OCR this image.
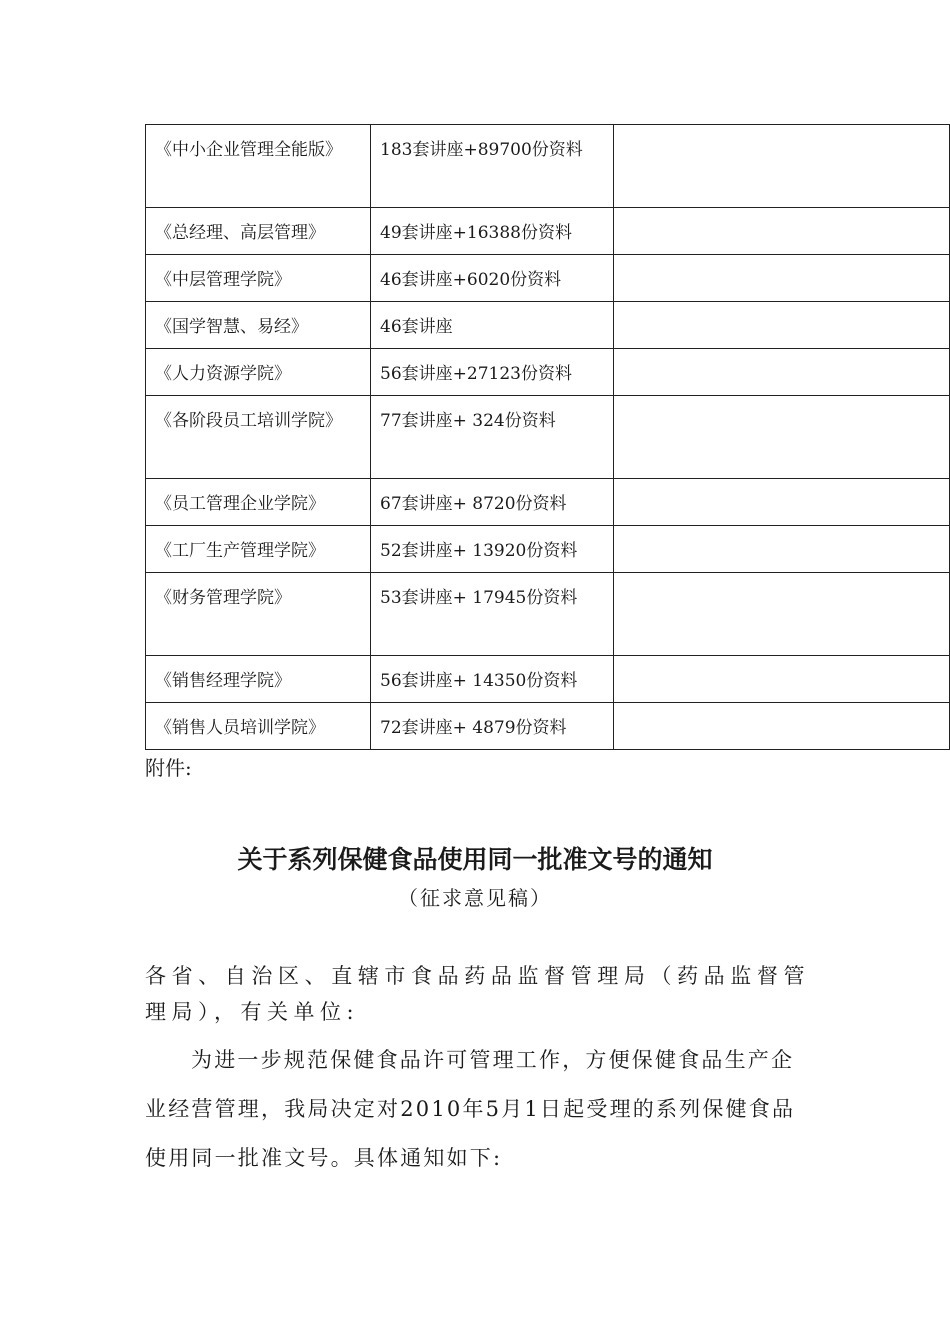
《中小企业管理全能版》	183套讲座+89700份资料	
《总经理、高层管理》	49套讲座+16388份资料	
《中层管理学院》	46套讲座+6020份资料	
《国学智慧、易经》	46套讲座	
《人力资源学院》	56套讲座+27123份资料	
《各阶段员工培训学院》	77套讲座+ 324份资料	
《员工管理企业学院》	67套讲座+ 8720份资料	
《工厂生产管理学院》	52套讲座+ 13920份资料	
《财务管理学院》	53套讲座+ 17945份资料	
《销售经理学院》	56套讲座+ 14350份资料	
《销售人员培训学院》	72套讲座+ 4879份资料	
附件:
关于系列保健食品使用同一批准文号的通知
（征求意见稿）
各省、自治区、直辖市食品药品监督管理局（药品监督管理局），有关单位:
为进一步规范保健食品许可管理工作，方便保健食品生产企业经营管理，我局决定对2010年5月1日起受理的系列保健食品使用同一批准文号。具体通知如下:
